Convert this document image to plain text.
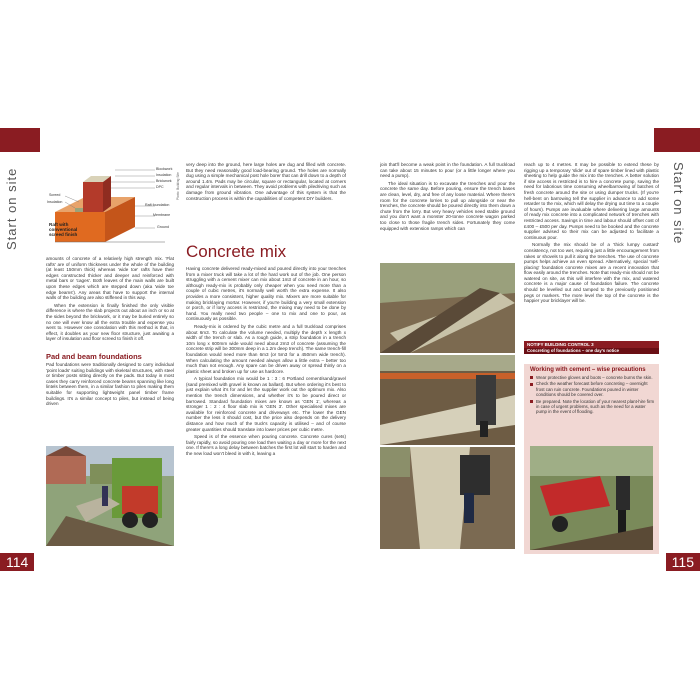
Start on site
114
Blockwork
Insulation
Brickwork
DPC
Screed
Insulation
Raft foundation
Membrane
Ground
Raft with conventional screed finish
Photo: Building Site

amounts of concrete of a relatively high strength mix. 'Flat rafts' are of uniform thickness under the whole of the building (at least 150mm thick) whereas 'wide toe' rafts have their edges constructed thicker and deeper and reinforced with metal bars or 'cages'. Both leaves of the main walls are built upon these edges which are stepped down (aka 'wide toe edge beams'). Any areas that have to support the internal walls of the building are also stiffened in this way.

When the extension is finally finished the only visible difference is where the slab projects out about an inch or so at the sides beyond the brickwork, or it may be buried entirely so no one will ever know all the extra trouble and expense you went to. However one consolation with this method is that, in effect, it doubles as your new floor structure, just awaiting a layer of insulation and floor screed to finish it off.

Pad and beam foundations

Pad foundations were traditionally designed to carry individual 'point loads' suiting buildings with skeletal structures, with steel or timber posts sitting directly on the pads. But today in most cases they carry reinforced concrete beams spanning like long lintels between them, in a similar fashion to piles making them suitable for supporting lightweight panel timber frame buildings. It's a similar concept to piles, but instead of being driven

very deep into the ground, here large holes are dug and filled with concrete. But they need reasonably good load-bearing ground. The holes are normally dug using a simple mechanical post hole borer that can drill down to a depth of around 1.4m. Pads may be circular, square or rectangular, located at corners and regular intervals in between. They avoid problems with piledriving such as damage from ground vibration. One advantage of this system is that the construction process is within the capabilities of competent DIY builders.

Concrete mix

Having concrete delivered ready-mixed and poured directly into your trenches from a mixer truck will take a lot of the hard work out of the job. One person struggling with a cement mixer can mix about 1m3 of concrete in an hour, so although ready-mix is probably only cheaper when you need more than a couple of cubic metres, it's normally well worth the extra expense. It also provides a more consistent, higher quality mix. Mixers are more suitable for making bricklaying mortar. However, if you're building a very small extension or porch, or if lorry access is restricted, the mixing may need to be done by hand. You really need two people – one to mix and one to pour, as continuously as possible.

Ready-mix is ordered by the cubic metre and a full truckload comprises about 6m3. To calculate the volume needed, multiply the depth x length x width of the trench or slab. As a rough guide, a strip foundation in a trench 10m long x 600mm wide would need about 2m3 of concrete (assuming the concrete strip will be 300mm deep in a 1.2m deep trench). The same trench-fill foundation would need more than 6m3 (or 5m3 for a 450mm wide trench). When calculating the amount needed always allow a little extra – better too much than not enough. Any spare can be driven away or spread thinly on a plastic sheet and broken up for use as hardcore.

A typical foundation mix would be 1 : 3 : 6 Portland cement/sand/gravel (sand premixed with gravel is known as ballast). But when ordering it's best to just explain what it's for and let the supplier work out the optimum mix. Also mention the trench dimensions, and whether it's to be poured direct or barrowed. Standard foundation mixes are known as 'GEN 1', whereas a stronger 1 : 2 : 4 floor slab mix is 'GEN 3'. Other specialised mixes are available for reinforced concrete and driveways etc. The lower the GEN number the less it should cost, but the price also depends on the delivery distance and how much of the truck's capacity is utilised – and of course greater quantities should translate into lower prices per cubic metre.

Speed is of the essence when pouring concrete. Concrete cures (sets) fairly rapidly, so avoid pouring one load then waiting a day or more for the next one. If there's a long delay between batches the first lot will start to harden and the new load won't bleed in with it, leaving a

Start on site
115

join that'll become a weak point in the foundation. A full truckload can take about 15 minutes to pour (or a little longer where you need a pump).

The ideal situation is to excavate the trenches and pour the concrete the same day. Before pouring, ensure the trench bases are clean, level, dry, and free of any loose material. Where there's room for the concrete lorries to pull up alongside or near the trenches, the concrete should be poured directly into them down a chute from the lorry. But very heavy vehicles need stable ground and you don't want a monster 20-tonne concrete wagon parked too close to those fragile trench sides. Fortunately they come equipped with extension ramps which can

reach up to 4 metres. It may be possible to extend these by rigging up a temporary 'slide' out of spare timber lined with plastic sheeting to help guide the mix into the trenches. A better solution if site access is restricted is to hire a concrete pump, saving the need for laborious time consuming wheelbarrowing of batches of fresh concrete around the site or using dumper trucks. (If you're hell-bent on barrowing tell the supplier in advance to add some retarder to the mix, which will delay the drying out time to a couple of hours). Pumps are invaluable where delivering large amounts of ready mix concrete into a complicated network of trenches with restricted access. Savings in time and labour should offset cost of £400 – £500 per day. Pumps need to be booked and the concrete supplier advised so their mix can be adjusted to facilitate a continuous pour.

Normally the mix should be of a 'thick lumpy custard' consistency, not too wet, requiring just a little encouragement from rakes or shovels to pull it along the trenches. The use of concrete pumps helps achieve an even spread. Alternatively, special 'self-placing' foundation concrete mixes are a recent innovation that flow easily around the trenches. Note that ready-mix should not be watered on site, as this will interfere with the mix, and watered concrete is a major cause of foundation failure. The concrete should be levelled out and tamped to the previously positioned pegs or markers. The more level the top of the concrete is the happier your bricklayer will be.

NOTIFY BUILDING CONTROL 3
Concreting of foundations – one day's notice
Working with cement – wise precautions
Wear protective gloves and boots – concrete burns the skin.
Check the weather forecast before concreting – overnight frost can ruin concrete. Foundations poured in winter conditions should be covered over.
Be prepared. Note the location of your nearest plant-hire firm in case of urgent problems, such as the need for a water pump in the event of flooding.
